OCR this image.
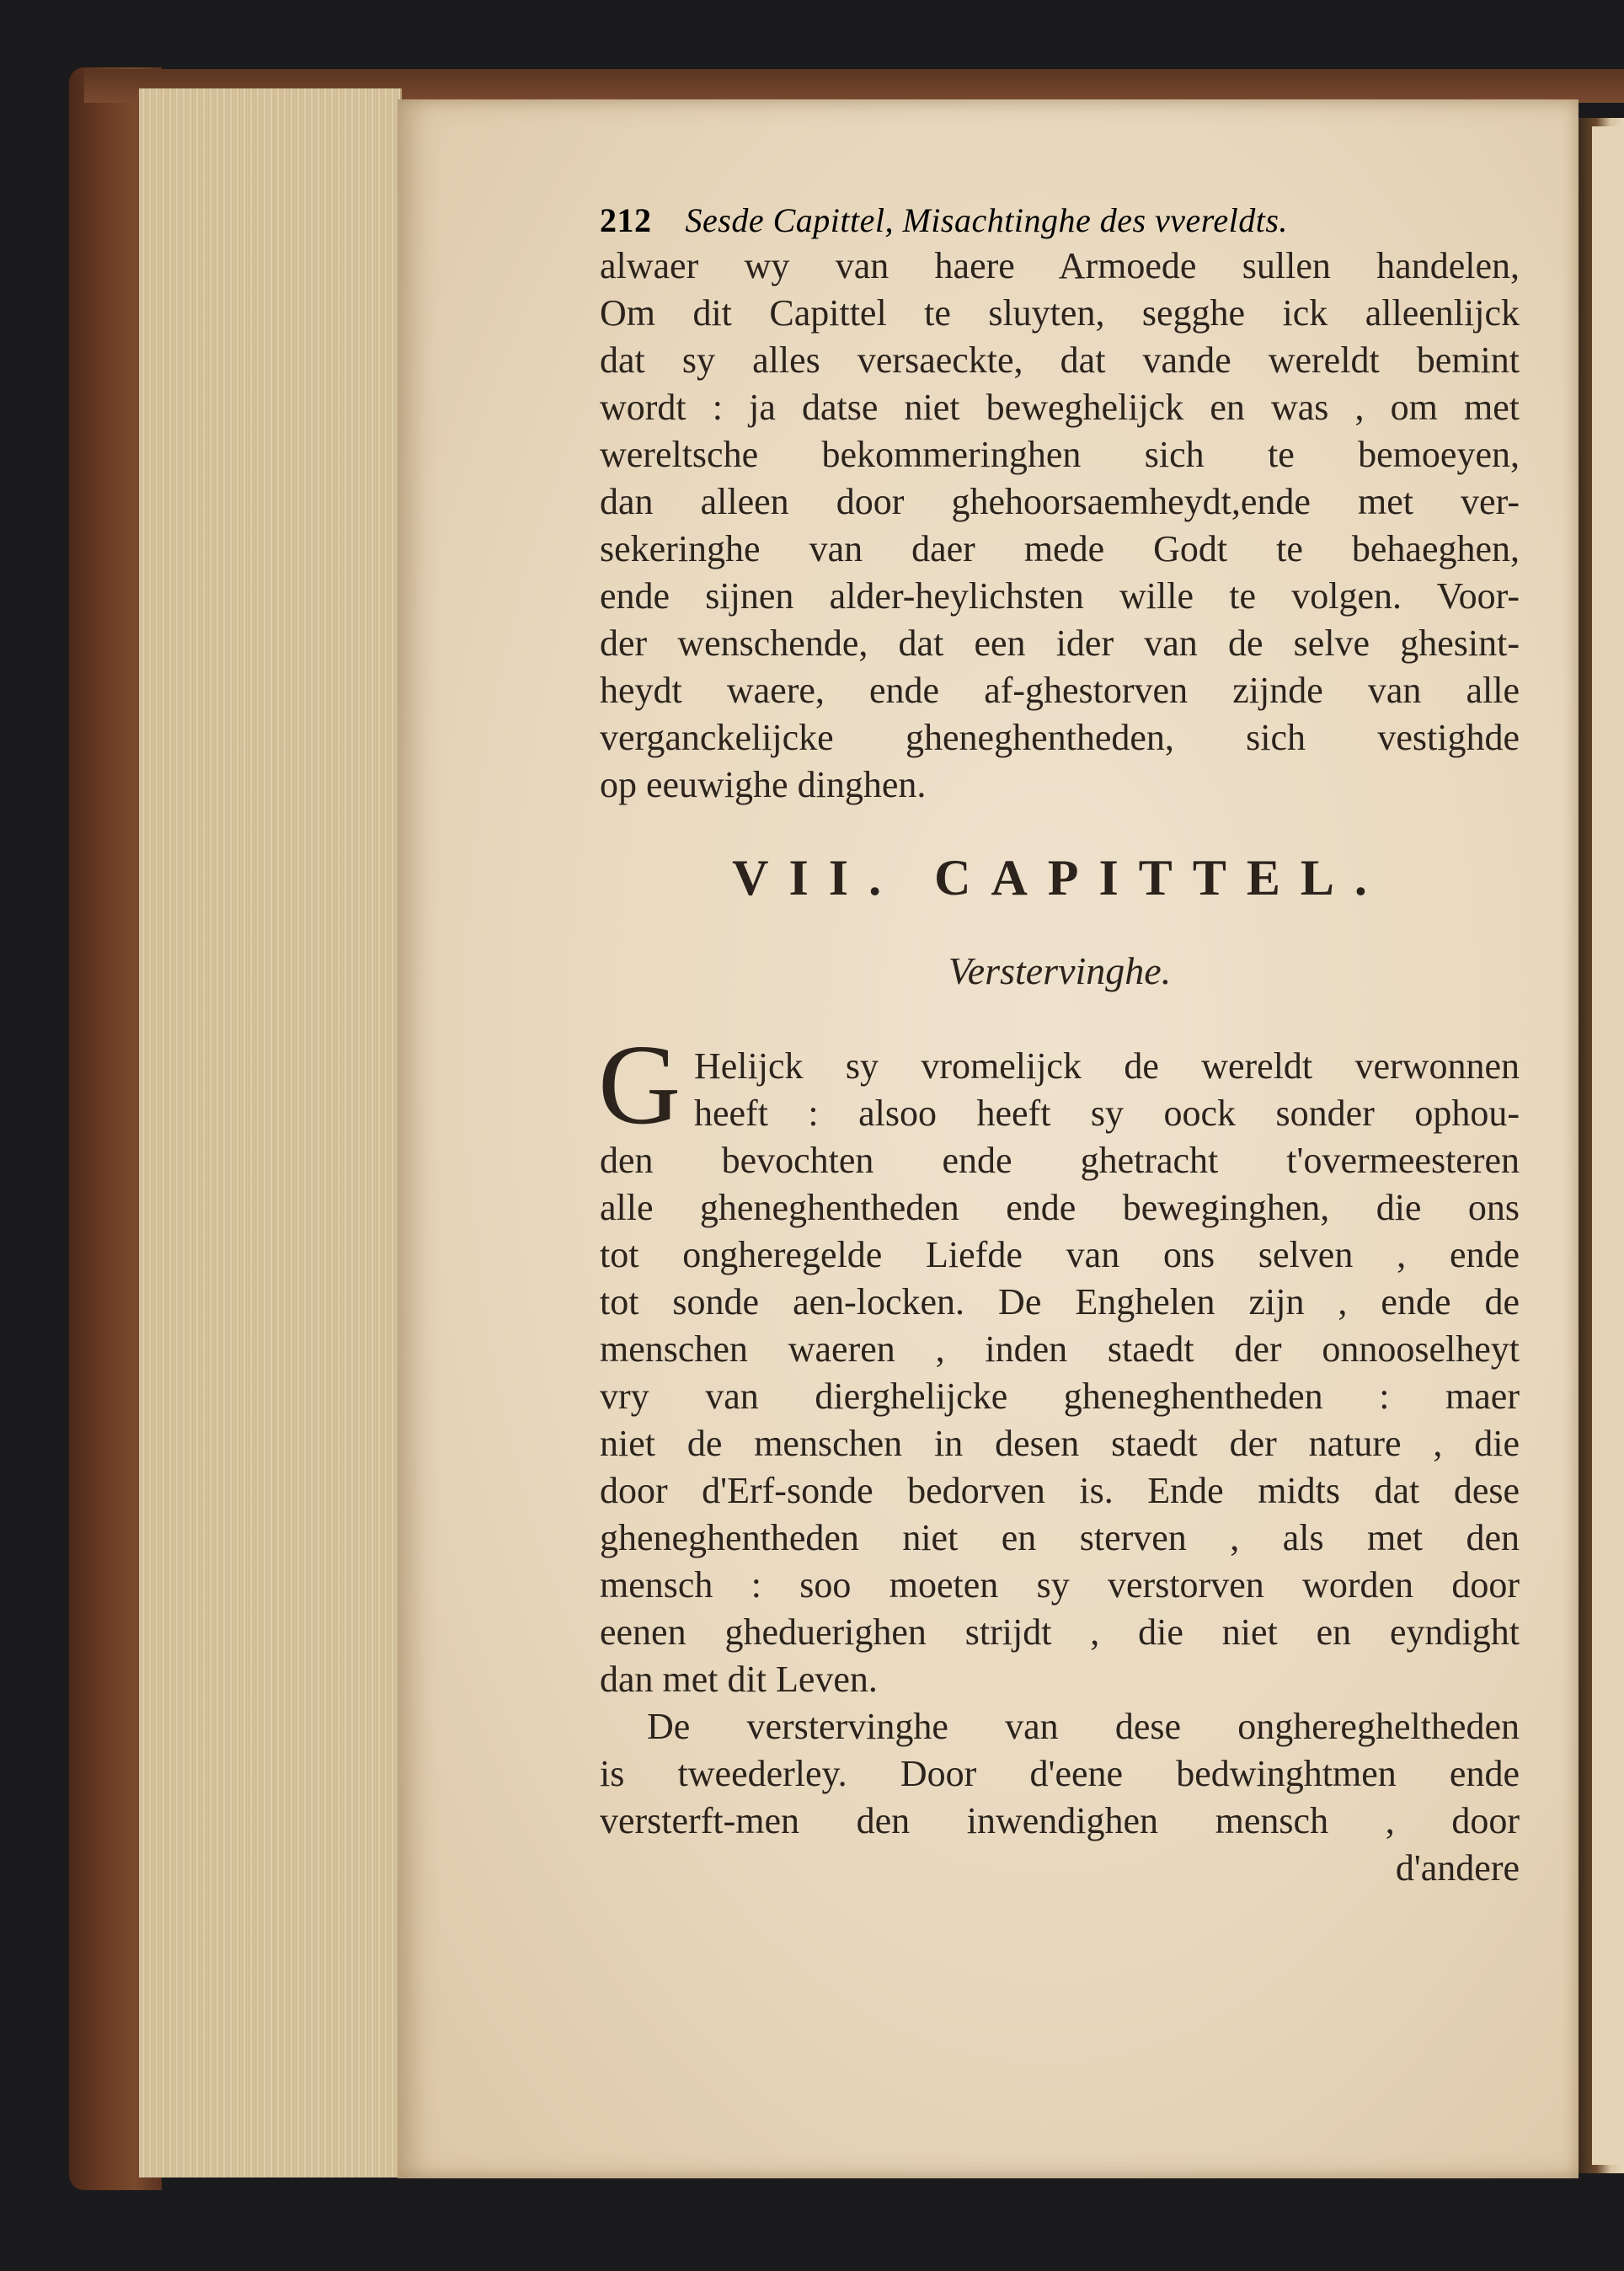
212 Sesde Capittel, Misachtinghe des vvereldts.
alwaer wy van haere Armoede sullen handelen,
Om dit Capittel te sluyten, segghe ick alleenlijck
dat sy alles versaeckte, dat vande wereldt bemint
wordt : ja datse niet beweghelijck en was , om met
wereltsche bekommeringhen sich te bemoeyen,
dan alleen door ghehoorsaemheydt,ende met ver-
sekeringhe van daer mede Godt te behaeghen,
ende sijnen alder-heylichsten wille te volgen. Voor-
der wenschende, dat een ider van de selve ghesint-
heydt waere, ende af-ghestorven zijnde van alle
verganckelijcke gheneghentheden, sich vestighde
op eeuwighe dinghen.
VII. CAPITTEL.
Verstervinghe.
G Helijck sy vromelijck de wereldt verwonnen
heeft : alsoo heeft sy oock sonder ophou-
den bevochten ende ghetracht t'overmeesteren
alle gheneghentheden ende beweginghen, die ons
tot ongheregelde Liefde van ons selven , ende
tot sonde aen-locken. De Enghelen zijn , ende de
menschen waeren , inden staedt der onnooselheyt
vry van dierghelijcke gheneghentheden : maer
niet de menschen in desen staedt der nature , die
door d'Erf-sonde bedorven is. Ende midts dat dese
gheneghentheden niet en sterven , als met den
mensch : soo moeten sy verstorven worden door
eenen gheduerighen strijdt , die niet en eyndight
dan met dit Leven.
De verstervinghe van dese ongheregheltheden
is tweederley. Door d'eene bedwinghtmen ende
versterft-men den inwendighen mensch , door
d'andere
